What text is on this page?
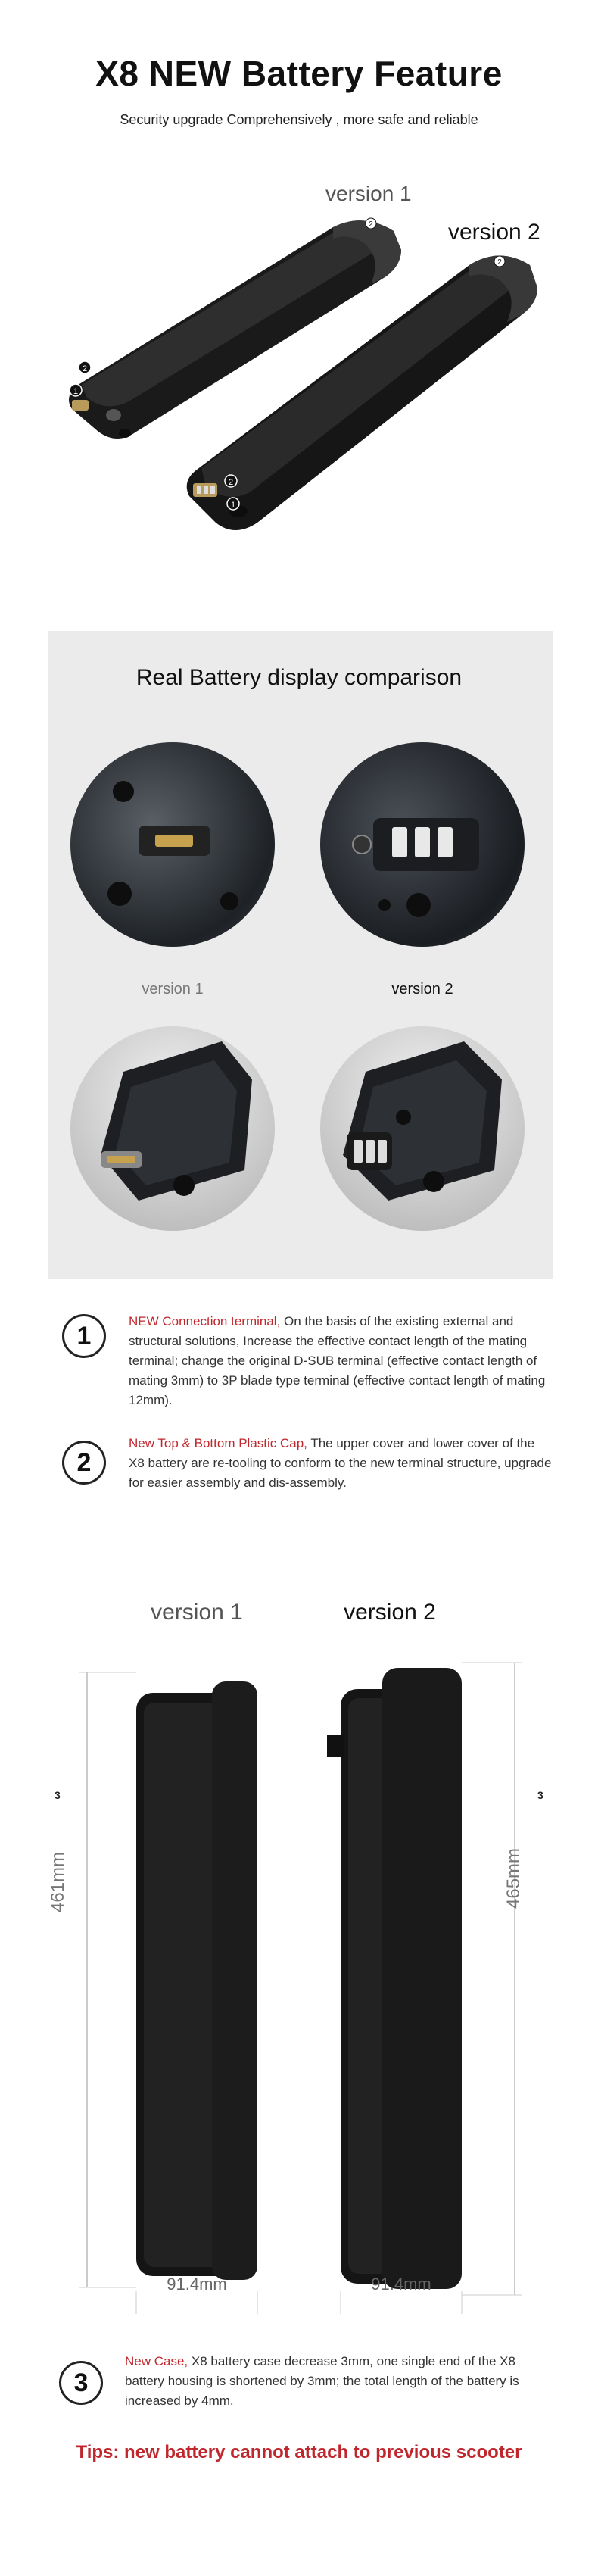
X8 NEW Battery Feature
Security upgrade Comprehensively , more safe and reliable
version 1
version 2
2
1
2
2
1
2
Real Battery display comparison
version 1	version 2
1
NEW Connection terminal, On the basis of the existing external and structural solutions, Increase the effective contact length of the mating terminal; change the original D-SUB terminal (effective contact length of mating 3mm) to 3P blade type terminal (effective contact length of mating 12mm).
2
New Top & Bottom Plastic Cap, The upper cover and lower cover of the X8 battery are re-tooling to conform to the new terminal structure, upgrade for easier assembly and dis-assembly.
version 1	version 2
461mm	465mm
3	3
91.4mm	91.4mm
3
New Case, X8 battery case decrease 3mm, one single end of the X8 battery housing is shortened by 3mm; the total length of the battery is increased by 4mm.
Tips: new battery cannot attach to previous scooter
